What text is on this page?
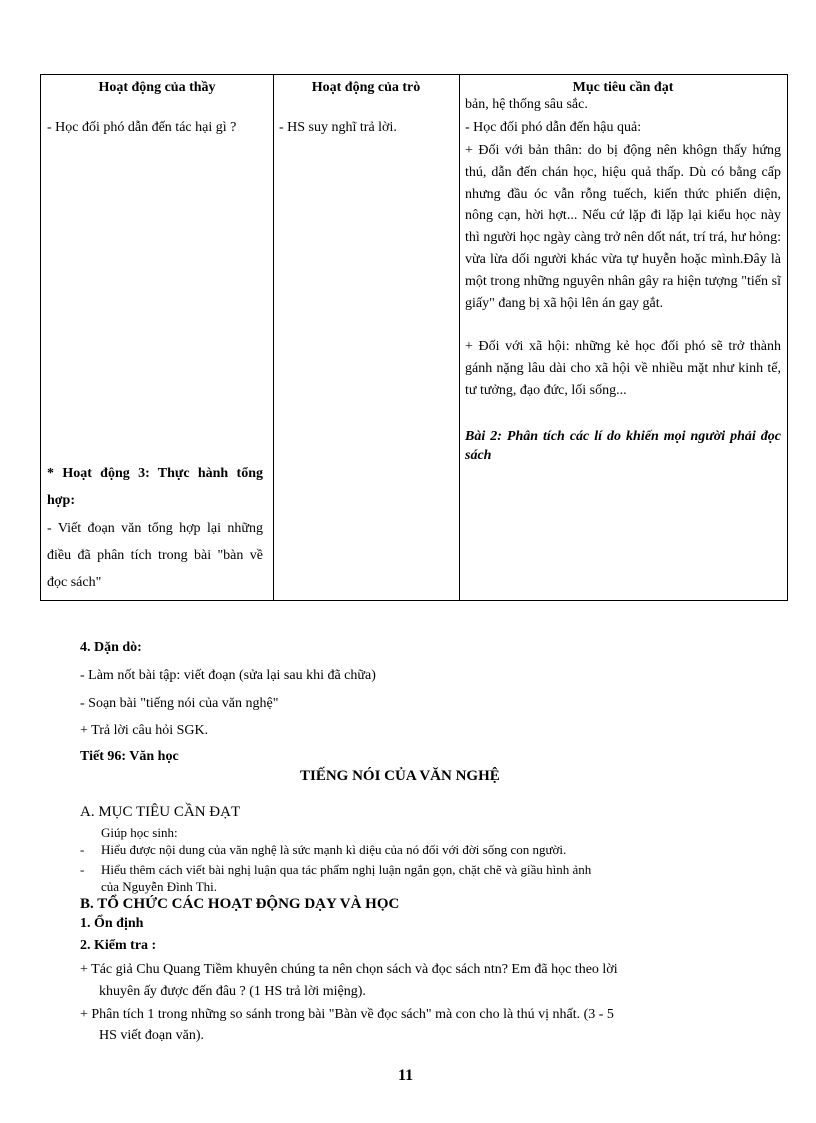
Hoạt động của thầy	Hoạt động của trò	Mục tiêu cần đạt
- Học đối phó dẫn đến tác hại gì ?
* Hoạt động 3: Thực hành tổng hợp:
- Viết đoạn văn tổng hợp lại những điều đã phân tích trong bài "bàn về đọc sách"
- HS suy nghĩ trả lời.
bản, hệ thống sâu sắc.
- Học đối phó dẫn đến hậu quả:
+ Đối với bản thân: do bị động nên khôgn thấy hứng thú, dẫn đến chán học, hiệu quả thấp. Dù có bằng cấp nhưng đầu óc vẫn rỗng tuếch, kiến thức phiến diện, nông cạn, hời hợt... Nếu cứ lặp đi lặp lại kiểu học này thì người học ngày càng trở nên dốt nát, trí trá, hư hỏng: vừa lừa dối người khác vừa tự huyễn hoặc mình.Đây là một trong những nguyên nhân gây ra hiện tượng "tiến sĩ giấy" đang bị xã hội lên án gay gắt.
+ Đối với xã hội: những kẻ học đối phó sẽ trở thành gánh nặng lâu dài cho xã hội về nhiều mặt như kinh tế, tư tưởng, đạo đức, lối sống...
Bài 2: Phân tích các lí do khiến mọi người phải đọc sách
4. Dặn dò:
- Làm nốt bài tập: viết đoạn (sửa lại sau khi đã chữa)
- Soạn bài "tiếng nói của văn nghệ"
+ Trả lời câu hỏi SGK.
Tiết 96: Văn học
TIẾNG NÓI CỦA VĂN NGHỆ
A. MỤC TIÊU CẦN ĐẠT
Giúp học sinh:
- Hiểu được nội dung của văn nghệ là sức mạnh kì diệu của nó đối với đời sống con người.
- Hiểu thêm cách viết bài nghị luận qua tác phẩm nghị luận ngắn gọn, chặt chẽ và giầu hình ảnh
của Nguyễn Đình Thi.
B. TỔ CHỨC CÁC HOẠT ĐỘNG DẠY VÀ HỌC
1. Ổn định
2. Kiểm tra :
+ Tác giả Chu Quang Tiềm khuyên chúng ta nên chọn sách và đọc sách ntn? Em đã học theo lời
khuyên ấy được đến đâu ? (1 HS trả lời miệng).
+ Phân tích 1 trong những so sánh trong bài "Bàn về đọc sách" mà con cho là thú vị nhất. (3 - 5
HS viết đoạn văn).
11
